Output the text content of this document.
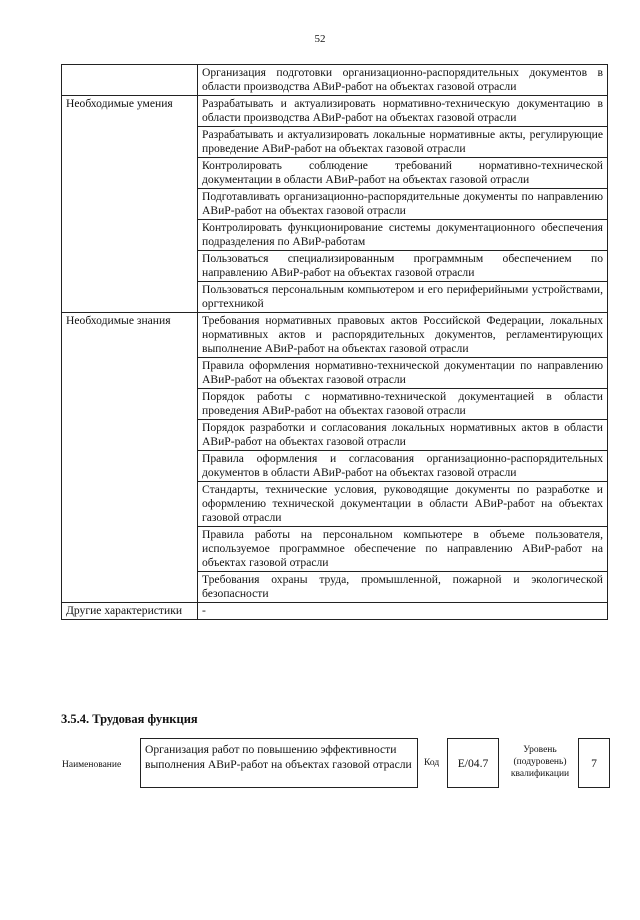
52
	Организация подготовки организационно-распорядительных документов в области производства АВиР-работ на объектах газовой отрасли
Необходимые умения	Разрабатывать и актуализировать нормативно-техническую документацию в области производства АВиР-работ на объектах газовой отрасли
	Разрабатывать и актуализировать локальные нормативные акты, регулирующие проведение АВиР-работ на объектах газовой отрасли
	Контролировать соблюдение требований нормативно-технической документации в области АВиР-работ на объектах газовой отрасли
	Подготавливать организационно-распорядительные документы по направлению АВиР-работ на объектах газовой отрасли
	Контролировать функционирование системы документационного обеспечения подразделения по АВиР-работам
	Пользоваться специализированным программным обеспечением по направлению АВиР-работ на объектах газовой отрасли
	Пользоваться персональным компьютером и его периферийными устройствами, оргтехникой
Необходимые знания	Требования нормативных правовых актов Российской Федерации, локальных нормативных актов и распорядительных документов, регламентирующих выполнение АВиР-работ на объектах газовой отрасли
	Правила оформления нормативно-технической документации по направлению АВиР-работ на объектах газовой отрасли
	Порядок работы с нормативно-технической документацией в области проведения АВиР-работ на объектах газовой отрасли
	Порядок разработки и согласования локальных нормативных актов в области АВиР-работ на объектах газовой отрасли
	Правила оформления и согласования организационно-распорядительных документов в области АВиР-работ на объектах газовой отрасли
	Стандарты, технические условия, руководящие документы по разработке и оформлению технической документации в области АВиР-работ на объектах газовой отрасли
	Правила работы на персональном компьютере в объеме пользователя, используемое программное обеспечение по направлению АВиР-работ на объектах газовой отрасли
	Требования охраны труда, промышленной, пожарной и экологической безопасности
Другие характеристики	-
3.5.4. Трудовая функция
Наименование
Организация работ по повышению эффективности выполнения АВиР-работ на объектах газовой отрасли	Код	Е/04.7
Уровень (подуровень) квалификации
7
